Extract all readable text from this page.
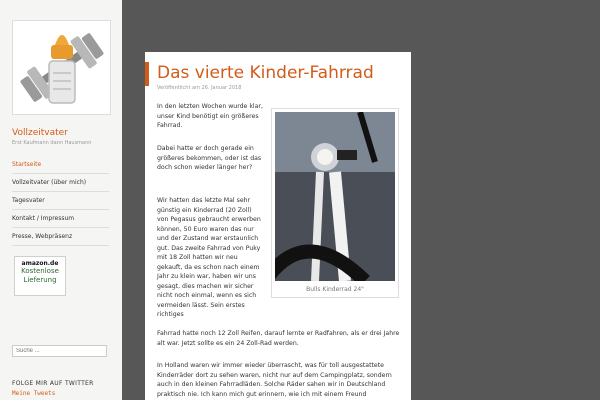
Vollzeitvater
Erst Kaufmann dann Hausmann
Startseite
Vollzeitvater (über mich)
Tagesvater
Kontakt / Impressum
Presse, Webpräsenz
amazon.de
Kostenlose
Lieferung
Suche ...
FOLGE MIR AUF TWITTER
Meine Tweets
Das vierte Kinder-Fahrrad
Veröffentlicht am 26. Januar 2018
In den letzten Wochen wurde klar, unser Kind benötigt ein größeres Fahrrad.
Dabei hatte er doch gerade ein größeres bekommen, oder ist das doch schon wieder länger her?
Wir hatten das letzte Mal sehr günstig ein Kinderrad (20 Zoll) von Pegasus gebraucht erwerben können, 50 Euro waren das nur und der Zustand war erstaunlich gut. Das zweite Fahrrad von Puky mit 18 Zoll hatten wir neu gekauft, da es schon nach einem Jahr zu klein war, haben wir uns gesagt, dies machen wir sicher nicht noch einmal, wenn es sich vermeiden lässt. Sein erstes richtiges
Fahrrad hatte noch 12 Zoll Reifen, darauf lernte er Radfahren, als er drei Jahre alt war. Jetzt sollte es ein 24 Zoll-Rad werden.
In Holland waren wir immer wieder überrascht, was für toll ausgestattete Kinderräder dort zu sehen waren, nicht nur auf dem Campingplatz, sondern auch in den kleinen Fahrradläden. Solche Räder sahen wir in Deutschland praktisch nie. Ich kann mich gut erinnern, wie ich mit einem Freund
Bulls Kinderrad 24"
